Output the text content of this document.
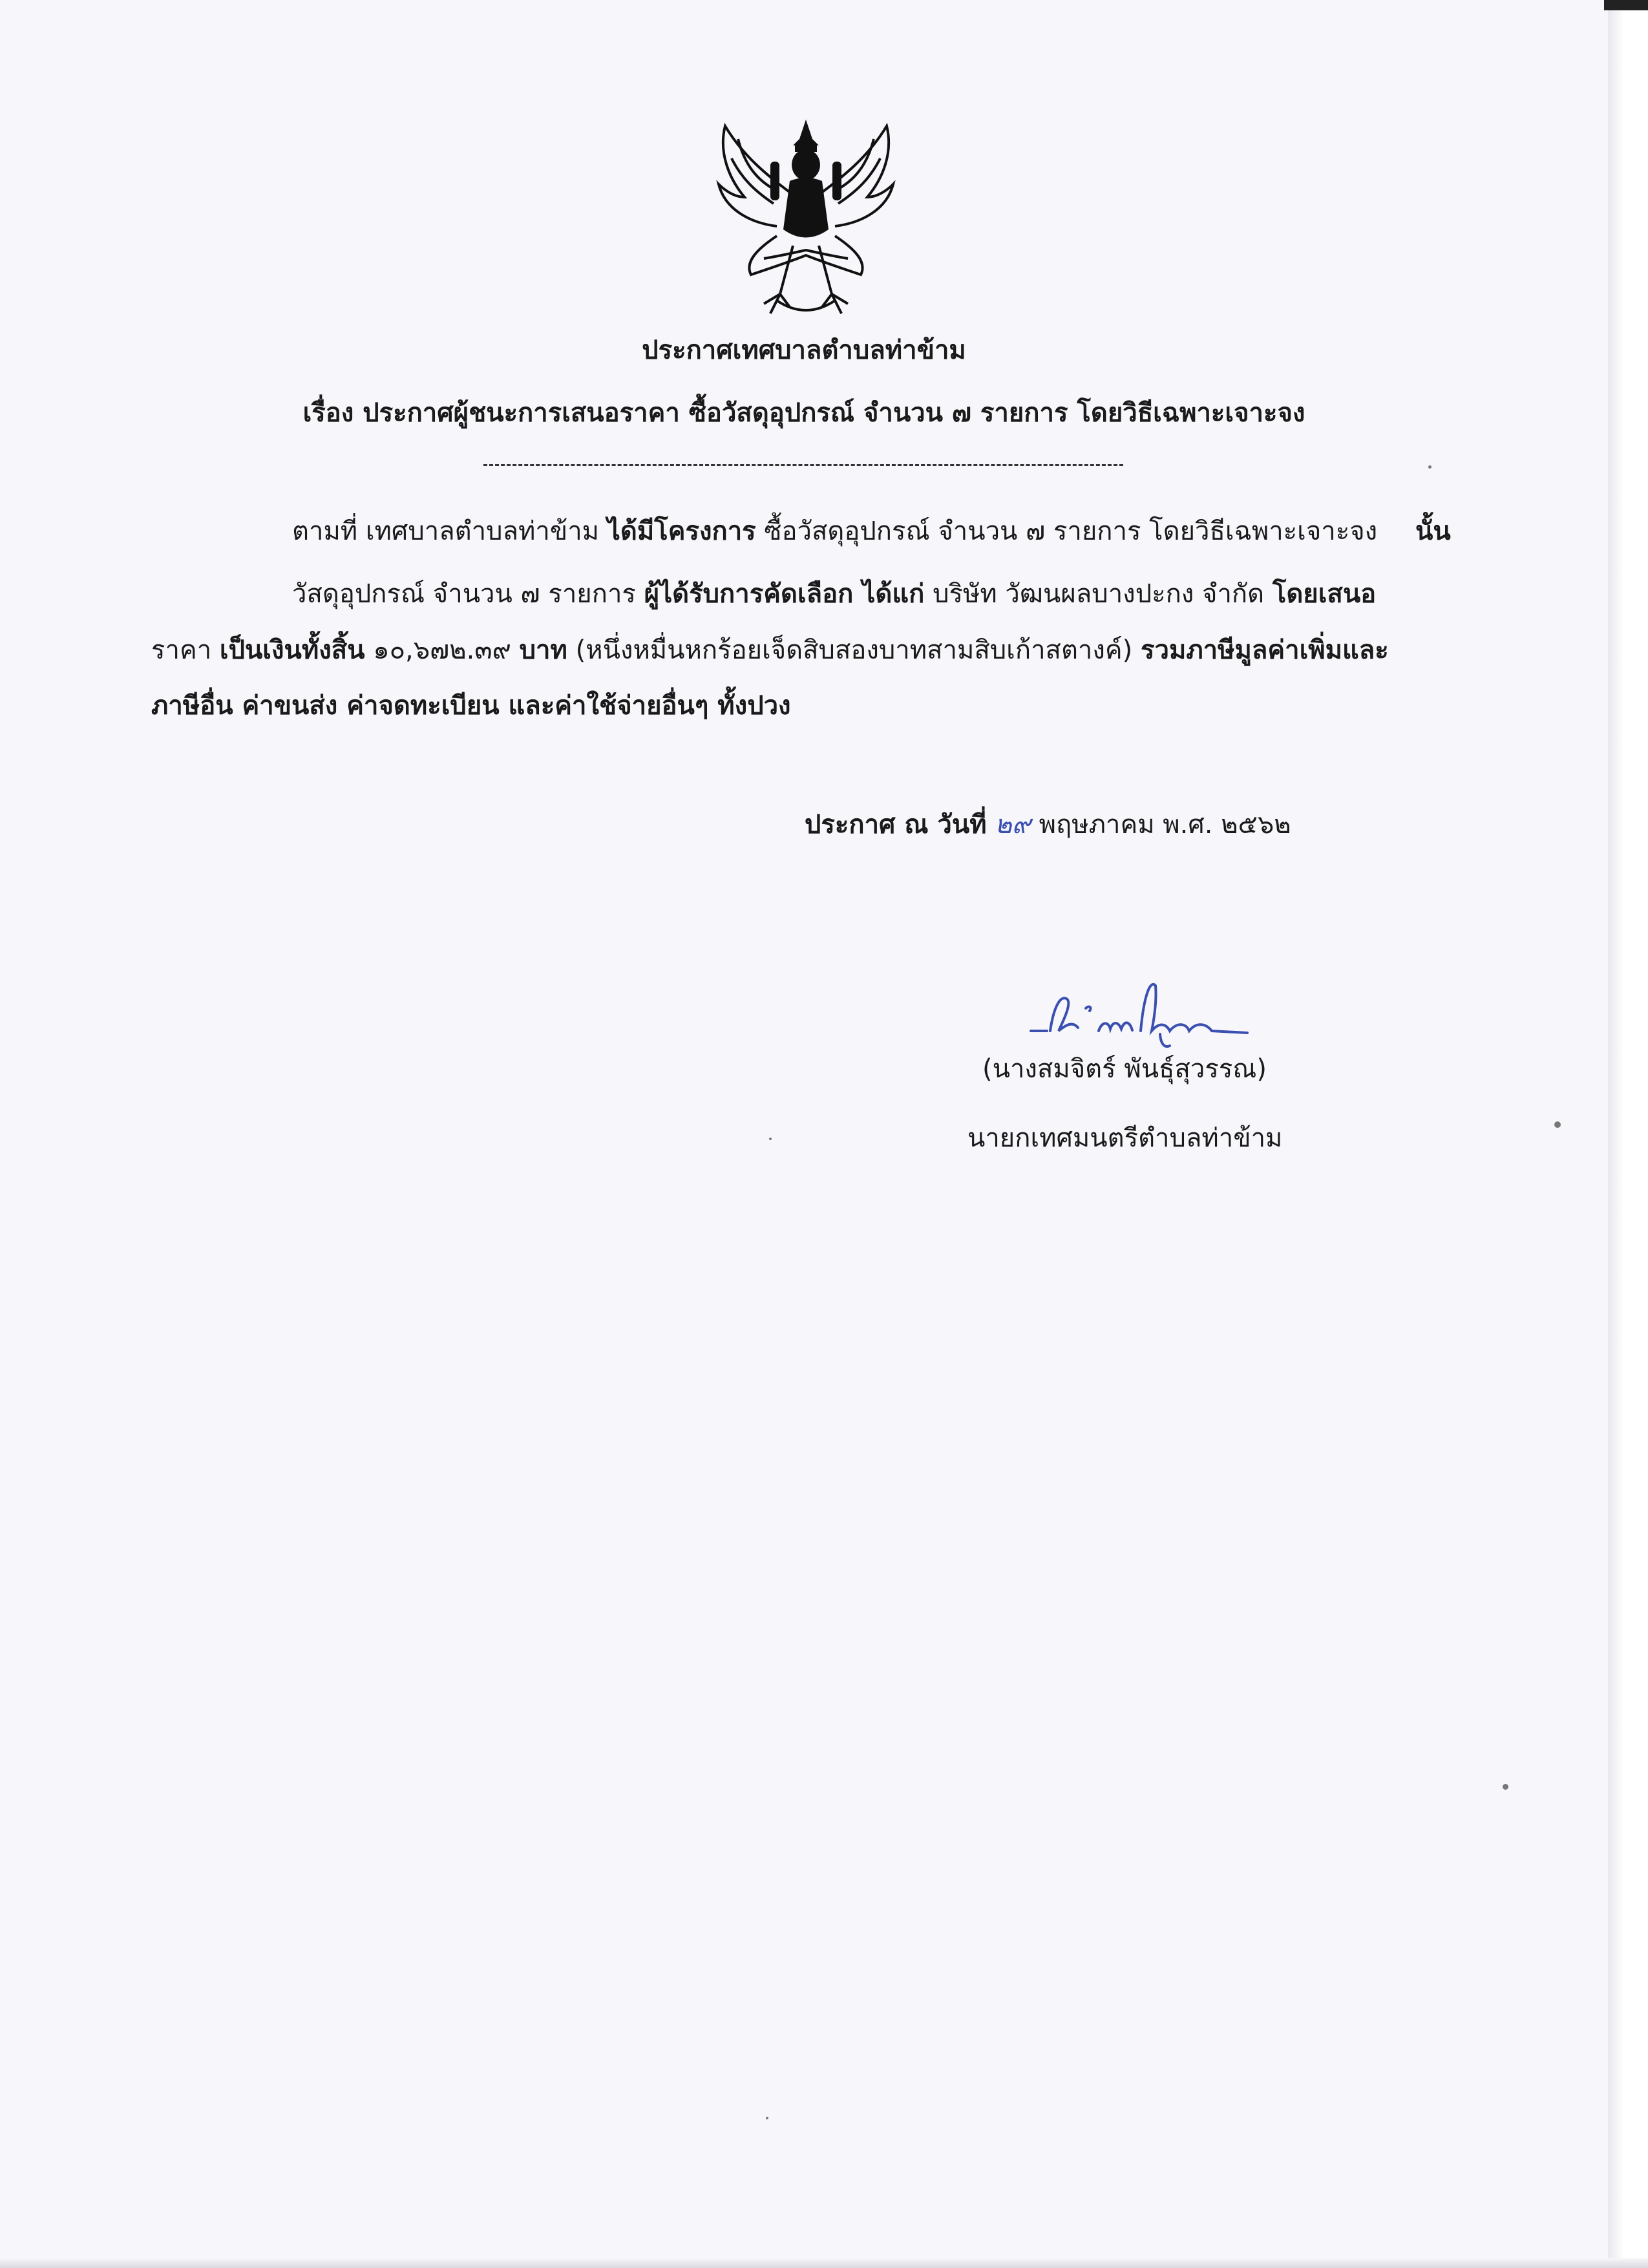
ประกาศเทศบาลตำบลท่าข้าม
เรื่อง ประกาศผู้ชนะการเสนอราคา ซื้อวัสดุอุปกรณ์ จำนวน ๗ รายการ โดยวิธีเฉพาะเจาะจง
ตามที่ เทศบาลตำบลท่าข้าม ได้มีโครงการ ซื้อวัสดุอุปกรณ์ จำนวน ๗ รายการ โดยวิธีเฉพาะเจาะจง นั้น
วัสดุอุปกรณ์ จำนวน ๗ รายการ ผู้ได้รับการคัดเลือก ได้แก่ บริษัท วัฒนผลบางปะกง จำกัด โดยเสนอ
ราคา เป็นเงินทั้งสิ้น ๑๐,๖๗๒.๓๙ บาท (หนึ่งหมื่นหกร้อยเจ็ดสิบสองบาทสามสิบเก้าสตางค์) รวมภาษีมูลค่าเพิ่มและ
ภาษีอื่น ค่าขนส่ง ค่าจดทะเบียน และค่าใช้จ่ายอื่นๆ ทั้งปวง
ประกาศ ณ วันที่ ๒๙ พฤษภาคม พ.ศ. ๒๕๖๒
(นางสมจิตร์ พันธุ์สุวรรณ)
นายกเทศมนตรีตำบลท่าข้าม
